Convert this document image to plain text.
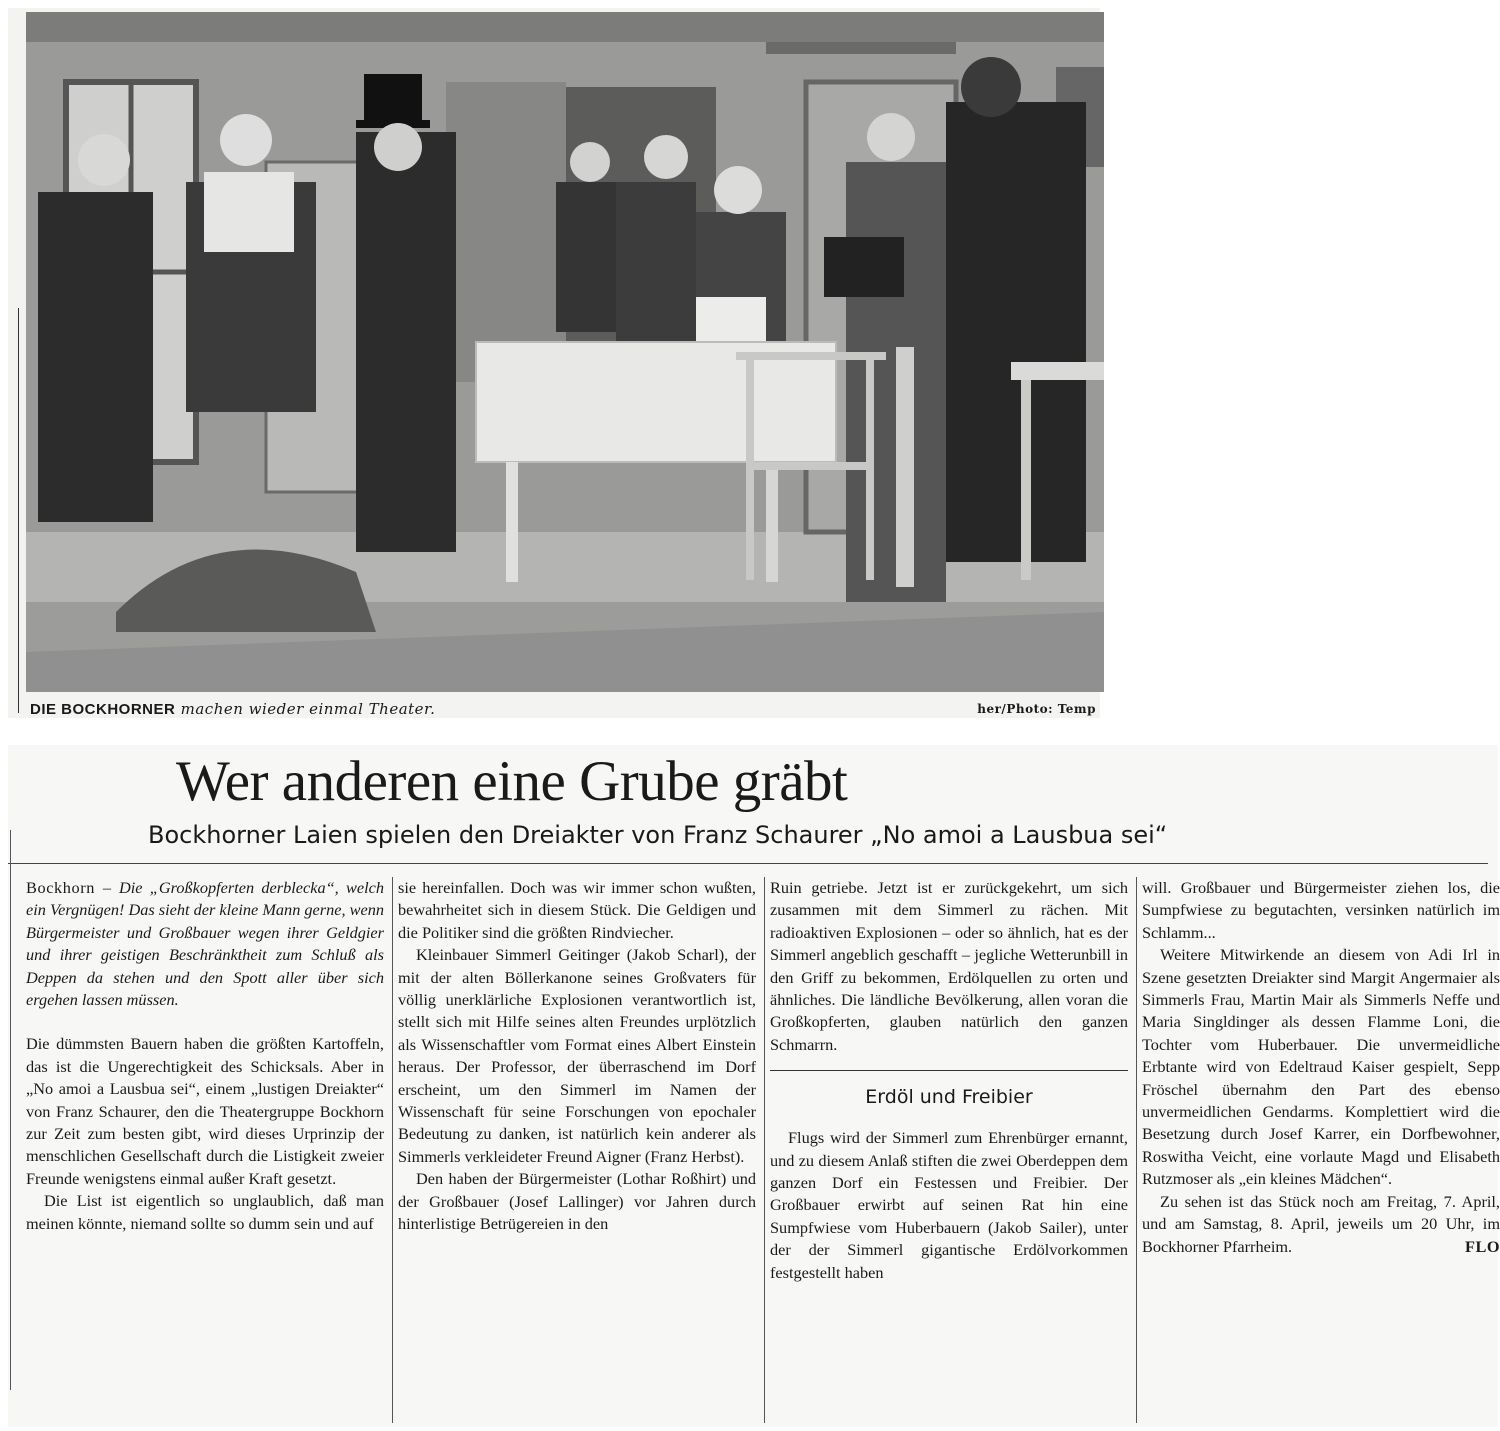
DIE BOCKHORNER machen wieder einmal Theater.	her/Photo: Temp
Wer anderen eine Grube gräbt
Bockhorner Laien spielen den Dreiakter von Franz Schaurer „No amoi a Lausbua sei“

Bockhorn – Die „Großkopferten derblecka“, welch ein Vergnügen! Das sieht der kleine Mann gerne, wenn Bürgermeister und Großbauer wegen ihrer Geldgier und ihrer geistigen Beschränktheit zum Schluß als Deppen da stehen und den Spott aller über sich ergehen lassen müssen.

Die dümmsten Bauern haben die größten Kartoffeln, das ist die Ungerechtigkeit des Schicksals. Aber in „No amoi a Lausbua sei“, einem „lustigen Dreiakter“ von Franz Schaurer, den die Theatergruppe Bockhorn zur Zeit zum besten gibt, wird dieses Urprinzip der menschlichen Gesellschaft durch die Listigkeit zweier Freunde wenigstens einmal außer Kraft gesetzt.

Die List ist eigentlich so unglaublich, daß man meinen könnte, niemand sollte so dumm sein und auf

sie hereinfallen. Doch was wir immer schon wußten, bewahrheitet sich in diesem Stück. Die Geldigen und die Politiker sind die größten Rindviecher.

Kleinbauer Simmerl Geitinger (Jakob Scharl), der mit der alten Böllerkanone seines Großvaters für völlig unerklärliche Explosionen verantwortlich ist, stellt sich mit Hilfe seines alten Freundes urplötzlich als Wissenschaftler vom Format eines Albert Einstein heraus. Der Professor, der überraschend im Dorf erscheint, um den Simmerl im Namen der Wissenschaft für seine Forschungen von epochaler Bedeutung zu danken, ist natürlich kein anderer als Simmerls verkleideter Freund Aigner (Franz Herbst).

Den haben der Bürgermeister (Lothar Roßhirt) und der Großbauer (Josef Lallinger) vor Jahren durch hinterlistige Betrügereien in den

Ruin getriebe. Jetzt ist er zurückgekehrt, um sich zusammen mit dem Simmerl zu rächen. Mit radioaktiven Explosionen – oder so ähnlich, hat es der Simmerl angeblich geschafft – jegliche Wetterunbill in den Griff zu bekommen, Erdölquellen zu orten und ähnliches. Die ländliche Bevölkerung, allen voran die Großkopferten, glauben natürlich den ganzen Schmarrn.

Erdöl und Freibier

Flugs wird der Simmerl zum Ehrenbürger ernannt, und zu diesem Anlaß stiften die zwei Oberdeppen dem ganzen Dorf ein Festessen und Freibier. Der Großbauer erwirbt auf seinen Rat hin eine Sumpfwiese vom Huberbauern (Jakob Sailer), unter der der Simmerl gigantische Erdölvorkommen festgestellt haben

will. Großbauer und Bürgermeister ziehen los, die Sumpfwiese zu begutachten, versinken natürlich im Schlamm...

Weitere Mitwirkende an diesem von Adi Irl in Szene gesetzten Dreiakter sind Margit Angermaier als Simmerls Frau, Martin Mair als Simmerls Neffe und Maria Singldinger als dessen Flamme Loni, die Tochter vom Huberbauer. Die unvermeidliche Erbtante wird von Edeltraud Kaiser gespielt, Sepp Fröschel übernahm den Part des ebenso unvermeidlichen Gendarms. Komplettiert wird die Besetzung durch Josef Karrer, ein Dorfbewohner, Roswitha Veicht, eine vorlaute Magd und Elisabeth Rutzmoser als „ein kleines Mädchen“.

Zu sehen ist das Stück noch am Freitag, 7. April, und am Samstag, 8. April, jeweils um 20 Uhr, im Bockhorner Pfarrheim.	FLO
